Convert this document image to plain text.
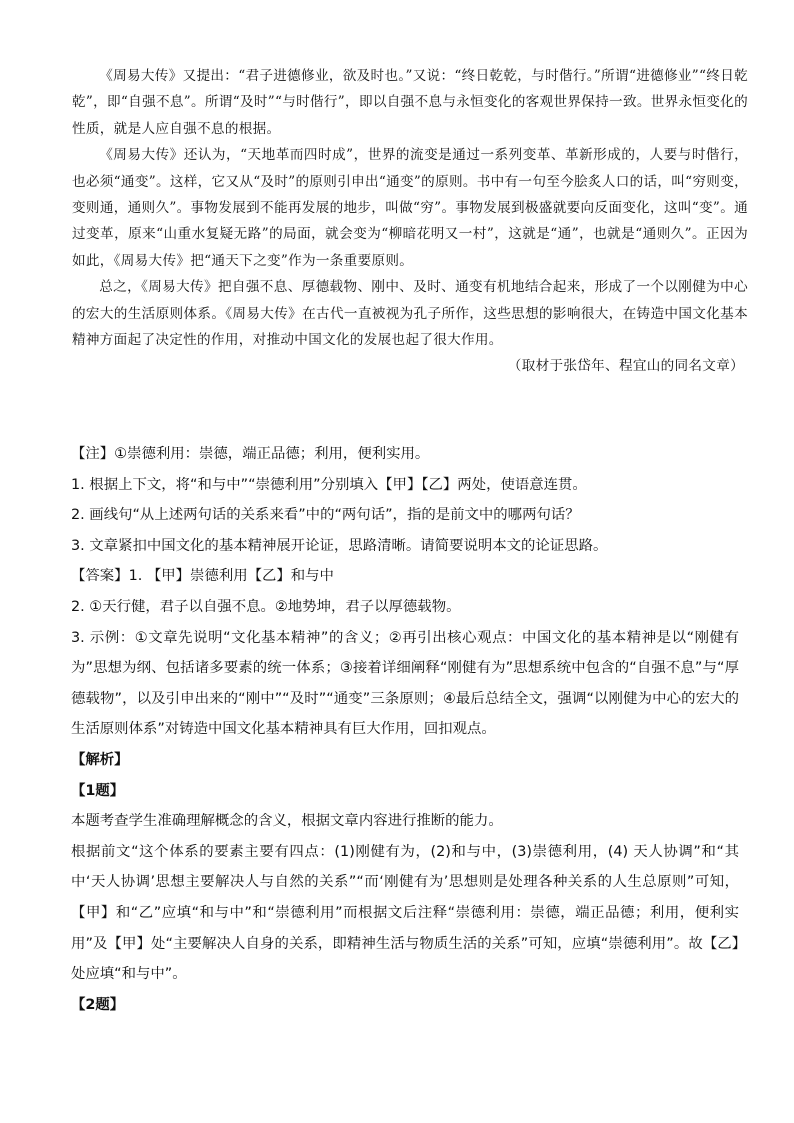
《周易大传》又提出：“君子进德修业，欲及时也。”又说：“终日乾乾，与时偕行。”所谓“进德修业”“终日乾乾”，即“自强不息”。所谓“及时”“与时偕行”，即以自强不息与永恒变化的客观世界保持一致。世界永恒变化的性质，就是人应自强不息的根据。

《周易大传》还认为，“天地革而四时成”，世界的流变是通过一系列变革、革新形成的，人要与时偕行，也必须“通变”。这样，它又从“及时”的原则引申出“通变”的原则。书中有一句至今脍炙人口的话，叫“穷则变，变则通，通则久”。事物发展到不能再发展的地步，叫做“穷”。事物发展到极盛就要向反面变化，这叫“变”。通过变革，原来“山重水复疑无路”的局面，就会变为“柳暗花明又一村”，这就是“通”，也就是“通则久”。正因为如此，《周易大传》把“通天下之变”作为一条重要原则。

总之，《周易大传》把自强不息、厚德载物、刚中、及时、通变有机地结合起来，形成了一个以刚健为中心的宏大的生活原则体系。《周易大传》在古代一直被视为孔子所作，这些思想的影响很大，在铸造中国文化基本精神方面起了决定性的作用，对推动中国文化的发展也起了很大作用。

（取材于张岱年、程宜山的同名文章）

【注】①崇德利用：崇德，端正品德；利用，便利实用。

1. 根据上下文，将“和与中”“崇德利用”分别填入【甲】【乙】两处，使语意连贯。

2. 画线句“从上述两句话的关系来看”中的“两句话”，指的是前文中的哪两句话？

3. 文章紧扣中国文化的基本精神展开论证，思路清晰。请简要说明本文的论证思路。

【答案】1. 【甲】崇德利用【乙】和与中

2. ①天行健，君子以自强不息。②地势坤，君子以厚德载物。

3. 示例：①文章先说明“文化基本精神”的含义；②再引出核心观点：中国文化的基本精神是以“刚健有为”思想为纲、包括诸多要素的统一体系；③接着详细阐释“刚健有为”思想系统中包含的“自强不息”与“厚德载物”，以及引申出来的“刚中”“及时”“通变”三条原则；④最后总结全文，强调“以刚健为中心的宏大的生活原则体系”对铸造中国文化基本精神具有巨大作用，回扣观点。

【解析】

【1题】

本题考查学生准确理解概念的含义，根据文章内容进行推断的能力。

根据前文“这个体系的要素主要有四点：(1)刚健有为，(2)和与中，(3)崇德利用，(4) 天人协调”和“其中‘天人协调’思想主要解决人与自然的关系”“而‘刚健有为’思想则是处理各种关系的人生总原则”可知，【甲】和“乙”应填“和与中”和“崇德利用”而根据文后注释“崇德利用：崇德，端正品德；利用，便利实用”及【甲】处“主要解决人自身的关系，即精神生活与物质生活的关系”可知，应填“崇德利用”。故【乙】处应填“和与中”。

【2题】
